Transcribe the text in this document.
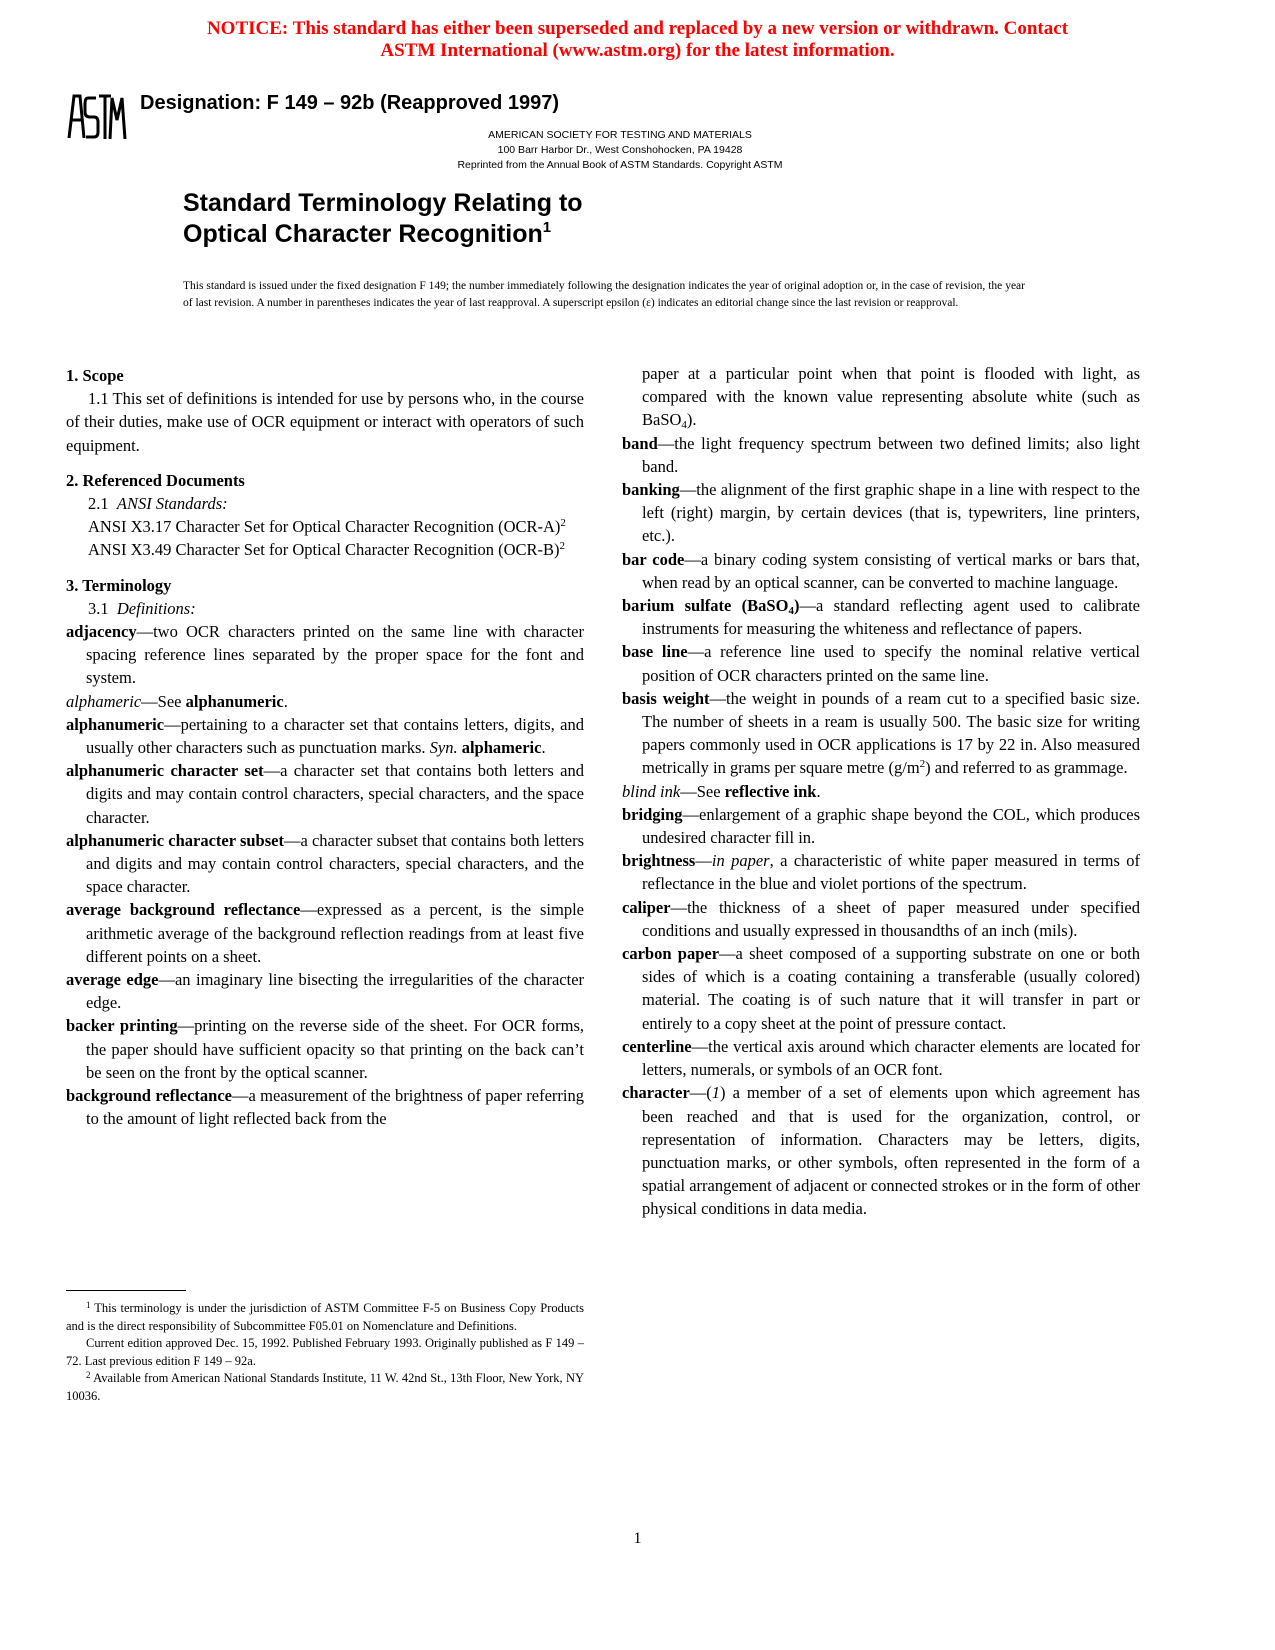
NOTICE: This standard has either been superseded and replaced by a new version or withdrawn. Contact
ASTM International (www.astm.org) for the latest information.
Designation: F 149 – 92b (Reapproved 1997)
AMERICAN SOCIETY FOR TESTING AND MATERIALS
100 Barr Harbor Dr., West Conshohocken, PA 19428
Reprinted from the Annual Book of ASTM Standards. Copyright ASTM
Standard Terminology Relating to
Optical Character Recognition$^1$
This standard is issued under the fixed designation F 149; the number immediately following the designation indicates the year of original adoption or, in the case of revision, the year of last revision. A number in parentheses indicates the year of last reapproval. A superscript epsilon (ε) indicates an editorial change since the last revision or reapproval.

1. Scope

1.1 This set of definitions is intended for use by persons who, in the course of their duties, make use of OCR equipment or interact with operators of such equipment.

2. Referenced Documents

2.1 ANSI Standards:

ANSI X3.17 Character Set for Optical Character Recognition $(OCR-A)^2$

ANSI X3.49 Character Set for Optical Character Recognition $(OCR-B)^2$

3. Terminology

3.1 Definitions:

adjacency—two OCR characters printed on the same line with character spacing reference lines separated by the proper space for the font and system.

alphameric—See alphanumeric.

alphanumeric—pertaining to a character set that contains letters, digits, and usually other characters such as punctuation marks. Syn. alphameric.

alphanumeric character set—a character set that contains both letters and digits and may contain control characters, special characters, and the space character.

alphanumeric character subset—a character subset that contains both letters and digits and may contain control characters, special characters, and the space character.

average background reflectance—expressed as a percent, is the simple arithmetic average of the background reflection readings from at least five different points on a sheet.

average edge—an imaginary line bisecting the irregularities of the character edge.

backer printing—printing on the reverse side of the sheet. For OCR forms, the paper should have sufficient opacity so that printing on the back can’t be seen on the front by the optical scanner.

background reflectance—a measurement of the brightness of paper referring to the amount of light reflected back from the

paper at a particular point when that point is flooded with light, as compared with the known value representing absolute white (such as BaSO$_4$).

band—the light frequency spectrum between two defined limits; also light band.

banking—the alignment of the first graphic shape in a line with respect to the left (right) margin, by certain devices (that is, typewriters, line printers, etc.).

bar code—a binary coding system consisting of vertical marks or bars that, when read by an optical scanner, can be converted to machine language.

barium sulfate (BaSO$_4$)—a standard reflecting agent used to calibrate instruments for measuring the whiteness and reflectance of papers.

base line—a reference line used to specify the nominal relative vertical position of OCR characters printed on the same line.

basis weight—the weight in pounds of a ream cut to a specified basic size. The number of sheets in a ream is usually 500. The basic size for writing papers commonly used in OCR applications is 17 by 22 in. Also measured metrically in grams per square metre $(g/m^2)$ and referred to as grammage.

blind ink—See reflective ink.

bridging—enlargement of a graphic shape beyond the COL, which produces undesired character fill in.

brightness—in paper, a characteristic of white paper measured in terms of reflectance in the blue and violet portions of the spectrum.

caliper—the thickness of a sheet of paper measured under specified conditions and usually expressed in thousandths of an inch (mils).

carbon paper—a sheet composed of a supporting substrate on one or both sides of which is a coating containing a transferable (usually colored) material. The coating is of such nature that it will transfer in part or entirely to a copy sheet at the point of pressure contact.

centerline—the vertical axis around which character elements are located for letters, numerals, or symbols of an OCR font.

character—(1) a member of a set of elements upon which agreement has been reached and that is used for the organization, control, or representation of information. Characters may be letters, digits, punctuation marks, or other symbols, often represented in the form of a spatial arrangement of adjacent or connected strokes or in the form of other physical conditions in data media.

$^1$ This terminology is under the jurisdiction of ASTM Committee F-5 on Business Copy Products and is the direct responsibility of Subcommittee F05.01 on Nomenclature and Definitions.

Current edition approved Dec. 15, 1992. Published February 1993. Originally published as F 149 – 72. Last previous edition F 149 – 92a.

$^2$ Available from American National Standards Institute, 11 W. 42nd St., 13th Floor, New York, NY 10036.

1
